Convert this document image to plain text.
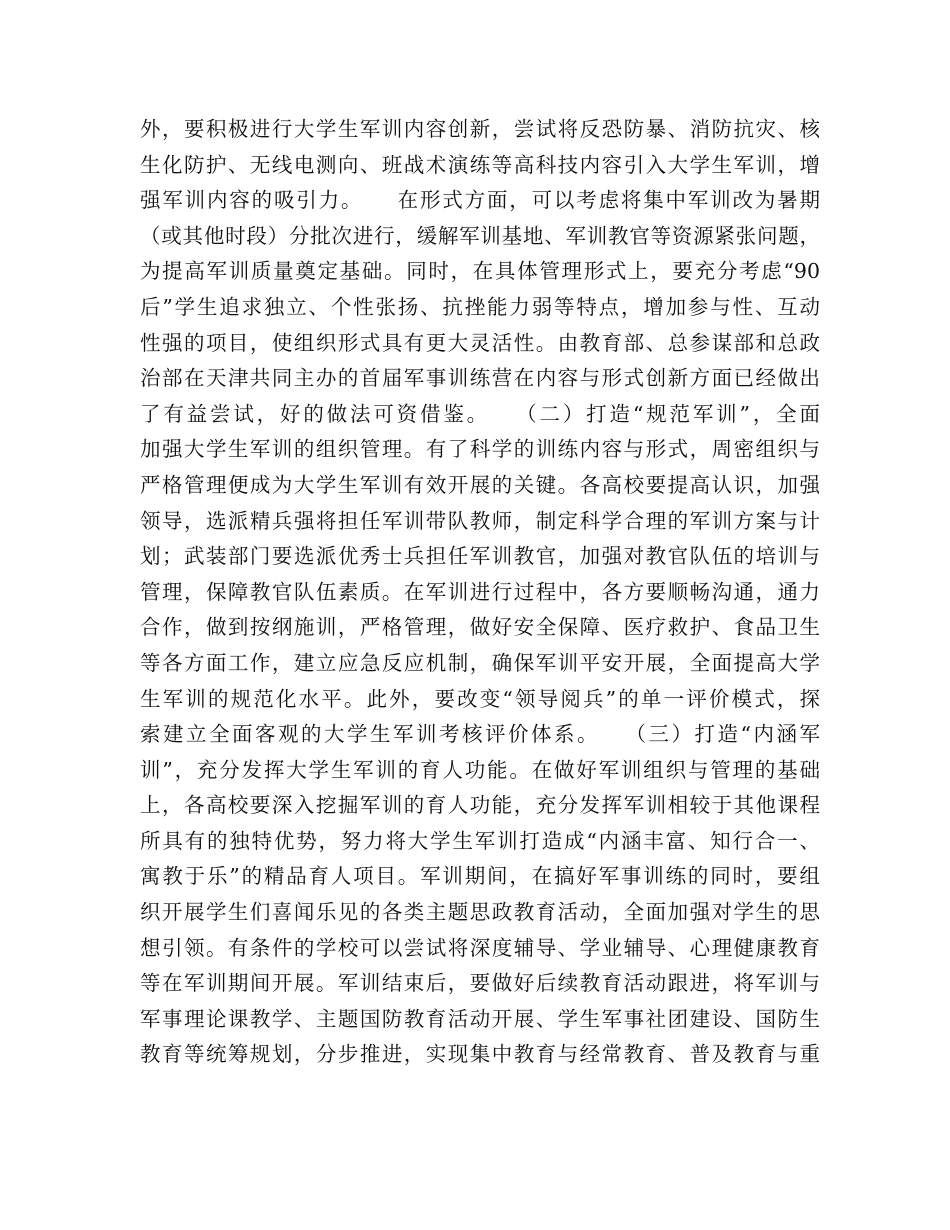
外，要积极进行大学生军训内容创新，尝试将反恐防暴、消防抗灾、核
生化防护、无线电测向、班战术演练等高科技内容引入大学生军训，增
强军训内容的吸引力。　　在形式方面，可以考虑将集中军训改为暑期
（或其他时段）分批次进行，缓解军训基地、军训教官等资源紧张问题，
为提高军训质量奠定基础。同时，在具体管理形式上，要充分考虑“90
后”学生追求独立、个性张扬、抗挫能力弱等特点，增加参与性、互动
性强的项目，使组织形式具有更大灵活性。由教育部、总参谋部和总政
治部在天津共同主办的首届军事训练营在内容与形式创新方面已经做出
了有益尝试，好的做法可资借鉴。　　（二）打造“规范军训”，全面
加强大学生军训的组织管理。有了科学的训练内容与形式，周密组织与
严格管理便成为大学生军训有效开展的关键。各高校要提高认识，加强
领导，选派精兵强将担任军训带队教师，制定科学合理的军训方案与计
划；武装部门要选派优秀士兵担任军训教官，加强对教官队伍的培训与
管理，保障教官队伍素质。在军训进行过程中，各方要顺畅沟通，通力
合作，做到按纲施训，严格管理，做好安全保障、医疗救护、食品卫生
等各方面工作，建立应急反应机制，确保军训平安开展，全面提高大学
生军训的规范化水平。此外，要改变“领导阅兵”的单一评价模式，探
索建立全面客观的大学生军训考核评价体系。　　（三）打造“内涵军
训”，充分发挥大学生军训的育人功能。在做好军训组织与管理的基础
上，各高校要深入挖掘军训的育人功能，充分发挥军训相较于其他课程
所具有的独特优势，努力将大学生军训打造成“内涵丰富、知行合一、
寓教于乐”的精品育人项目。军训期间，在搞好军事训练的同时，要组
织开展学生们喜闻乐见的各类主题思政教育活动，全面加强对学生的思
想引领。有条件的学校可以尝试将深度辅导、学业辅导、心理健康教育
等在军训期间开展。军训结束后，要做好后续教育活动跟进，将军训与
军事理论课教学、主题国防教育活动开展、学生军事社团建设、国防生
教育等统筹规划，分步推进，实现集中教育与经常教育、普及教育与重
